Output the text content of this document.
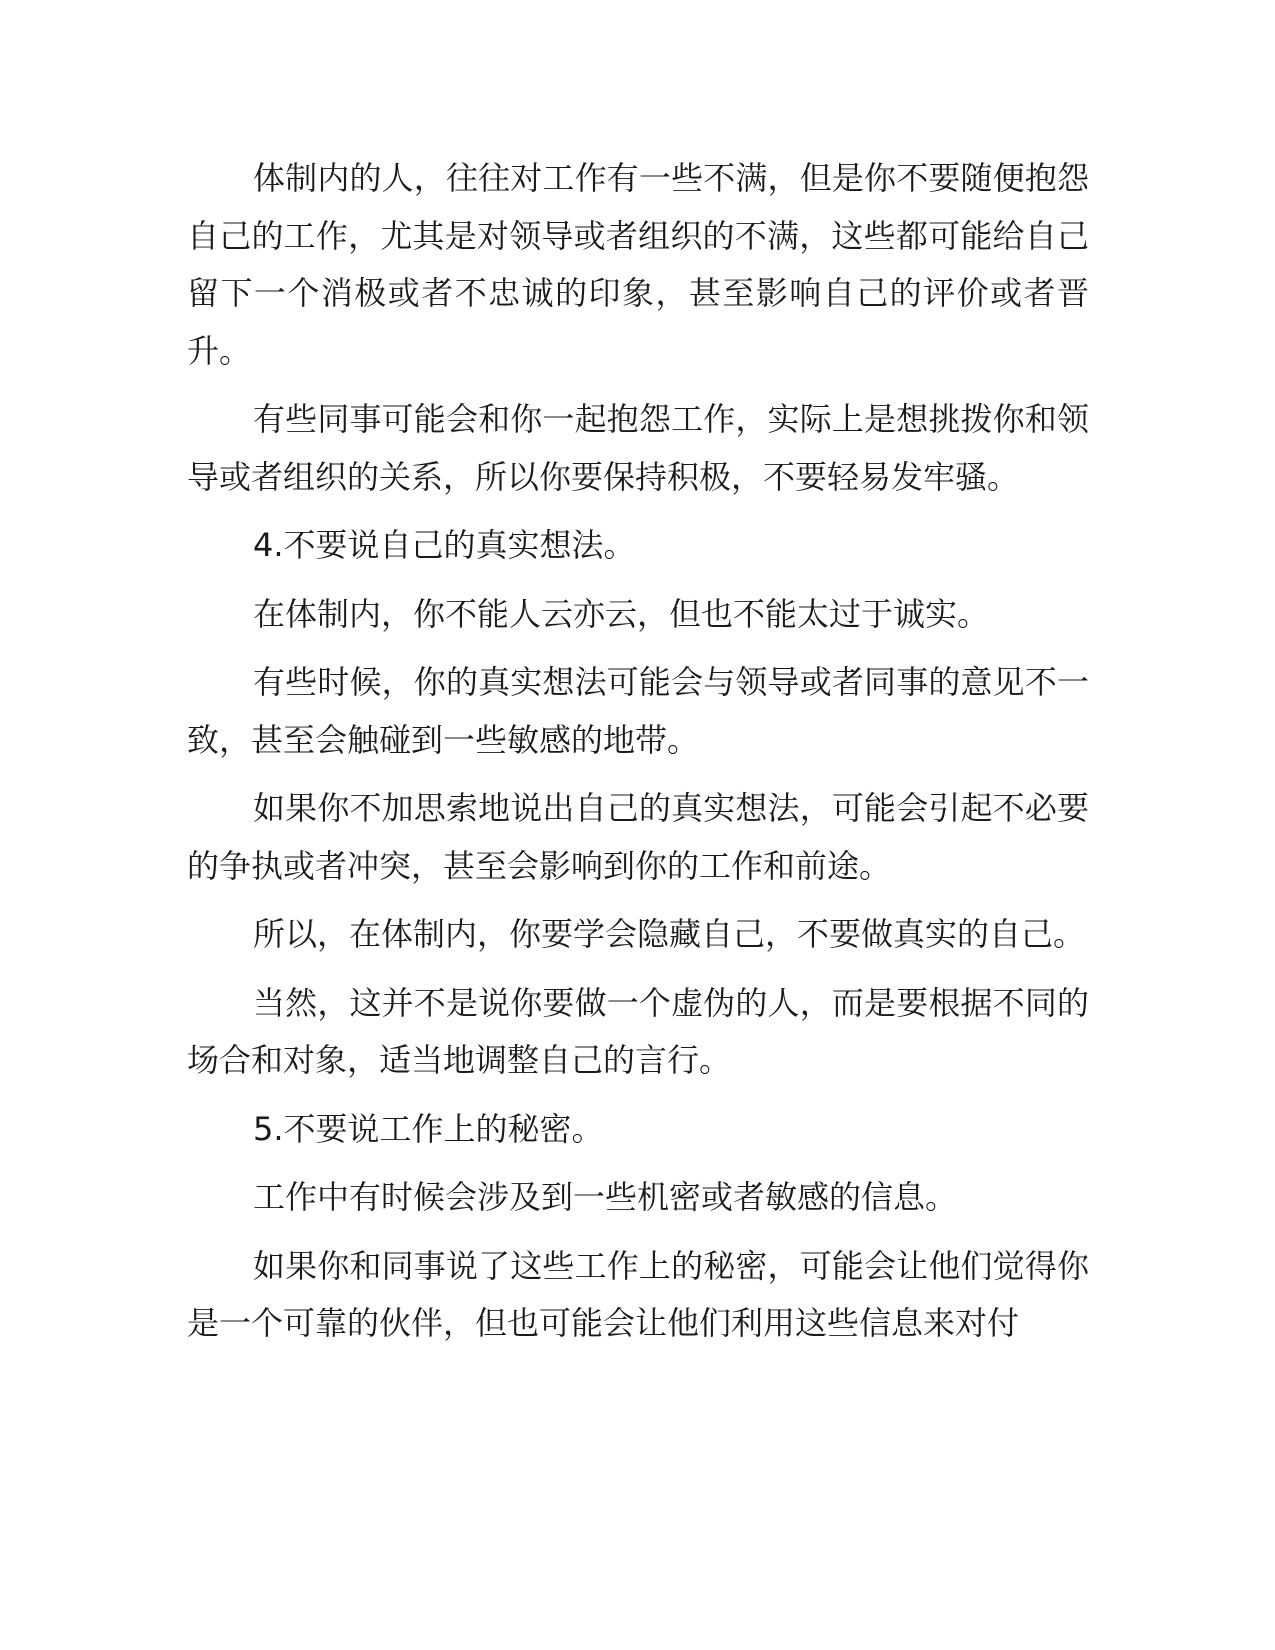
体制内的人，往往对工作有一些不满，但是你不要随便抱怨自己的工作，尤其是对领导或者组织的不满，这些都可能给自己留下一个消极或者不忠诚的印象，甚至影响自己的评价或者晋升。

有些同事可能会和你一起抱怨工作，实际上是想挑拨你和领导或者组织的关系，所以你要保持积极，不要轻易发牢骚。

4.不要说自己的真实想法。

在体制内，你不能人云亦云，但也不能太过于诚实。

有些时候，你的真实想法可能会与领导或者同事的意见不一致，甚至会触碰到一些敏感的地带。

如果你不加思索地说出自己的真实想法，可能会引起不必要的争执或者冲突，甚至会影响到你的工作和前途。

所以，在体制内，你要学会隐藏自己，不要做真实的自己。

当然，这并不是说你要做一个虚伪的人，而是要根据不同的场合和对象，适当地调整自己的言行。

5.不要说工作上的秘密。

工作中有时候会涉及到一些机密或者敏感的信息。

如果你和同事说了这些工作上的秘密，可能会让他们觉得你是一个可靠的伙伴，但也可能会让他们利用这些信息来对付
